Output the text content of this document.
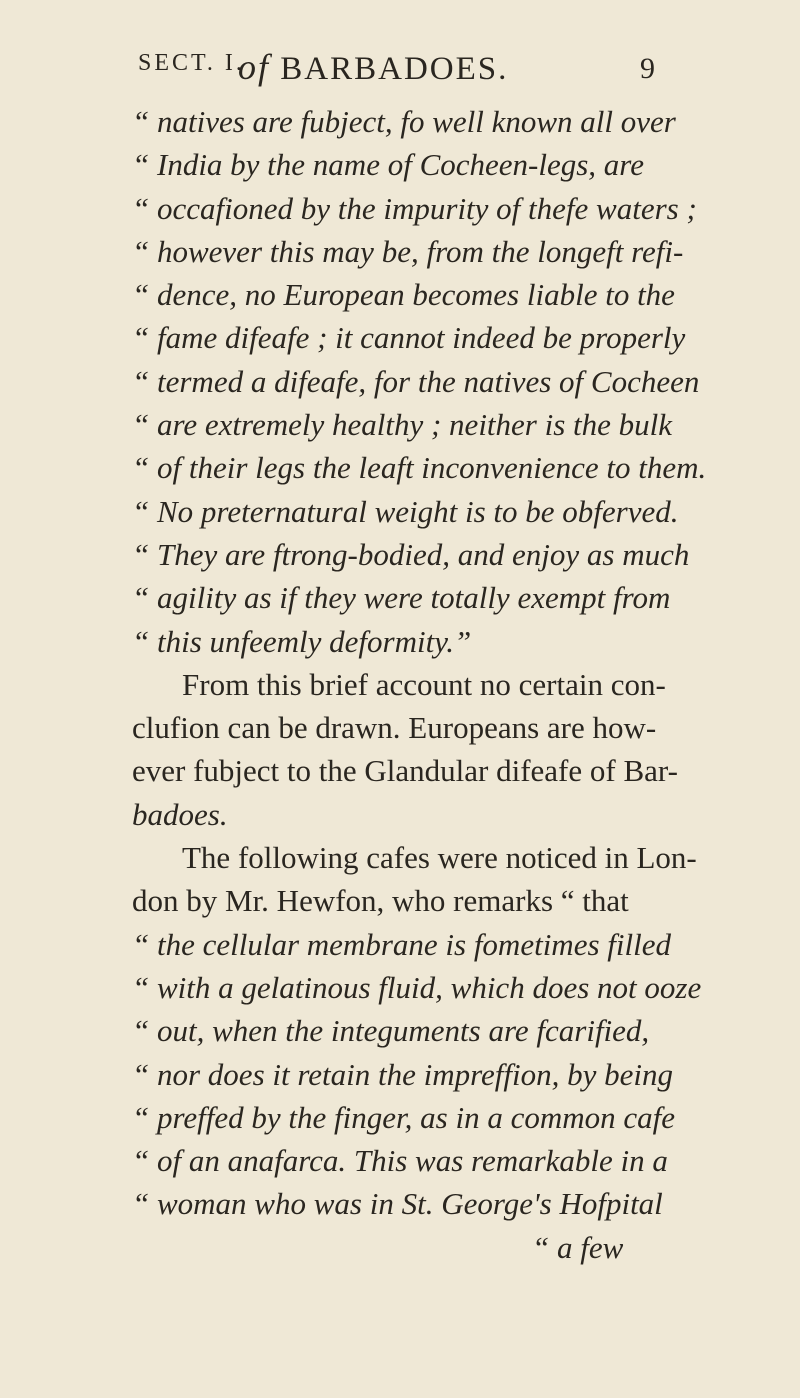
SECT. I.
of BARBADOES.	9
“ natives are fubject, fo well known all over
“ India by the name of Cocheen-legs, are
“ occafioned by the impurity of thefe waters ;
“ however this may be, from the longeft refi-
“ dence, no European becomes liable to the
“ fame difeafe ; it cannot indeed be properly
“ termed a difeafe, for the natives of Cocheen
“ are extremely healthy ; neither is the bulk
“ of their legs the leaft inconvenience to them.
“ No preternatural weight is to be obferved.
“ They are ftrong-bodied, and enjoy as much
“ agility as if they were totally exempt from
“ this unfeemly deformity.”
From this brief account no certain con-
clufion can be drawn. Europeans are how-
ever fubject to the Glandular difeafe of Bar-
badoes.
The following cafes were noticed in Lon-
don by Mr. Hewfon, who remarks “ that
“ the cellular membrane is fometimes filled
“ with a gelatinous fluid, which does not ooze
“ out, when the integuments are fcarified,
“ nor does it retain the impreffion, by being
“ preffed by the finger, as in a common cafe
“ of an anafarca. This was remarkable in a
“ woman who was in St. George's Hofpital
“ a few
